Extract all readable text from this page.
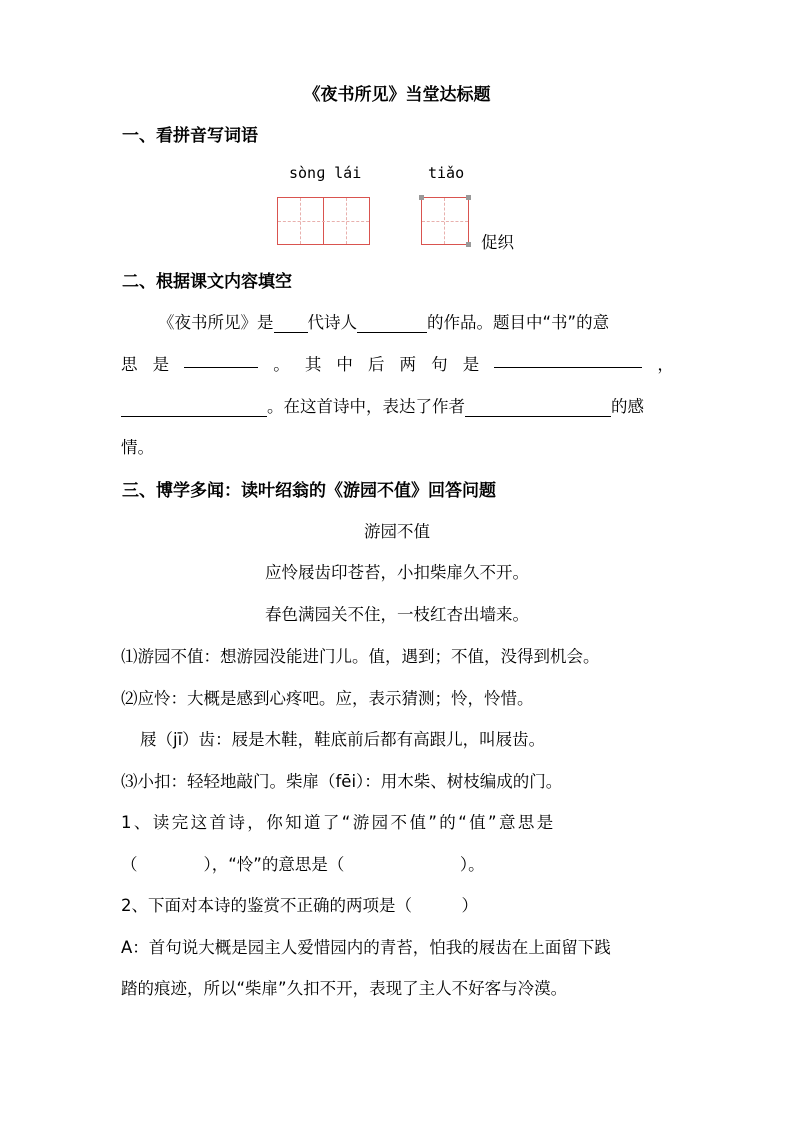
《夜书所见》当堂达标题
一、看拼音写词语
sònɡ lái	tiǎo
促织
二、根据课文内容填空
《夜书所见》是 代诗人	的作品。题目中“书”的意
思 是	。 其 中 后 两 句 是	，
。在这首诗中，表达了作者	的感
情。
三、博学多闻：读叶绍翁的《游园不值》回答问题
游园不值
应怜屐齿印苍苔，小扣柴扉久不开。
春色满园关不住，一枝红杏出墙来。
⑴游园不值：想游园没能进门儿。值，遇到；不值，没得到机会。
⑵应怜：大概是感到心疼吧。应，表示猜测；怜，怜惜。
屐（jī）齿：屐是木鞋，鞋底前后都有高跟儿，叫屐齿。
⑶小扣：轻轻地敲门。柴扉（fēi）：用木柴、树枝编成的门。
1、读完这首诗，你知道了“游园不值”的“值”意思是
（　　　　），“怜”的意思是（　　　　　　　）。
2、下面对本诗的鉴赏不正确的两项是（　　　）
A：首句说大概是园主人爱惜园内的青苔，怕我的屐齿在上面留下践
踏的痕迹，所以“柴扉”久扣不开，表现了主人不好客与冷漠。
